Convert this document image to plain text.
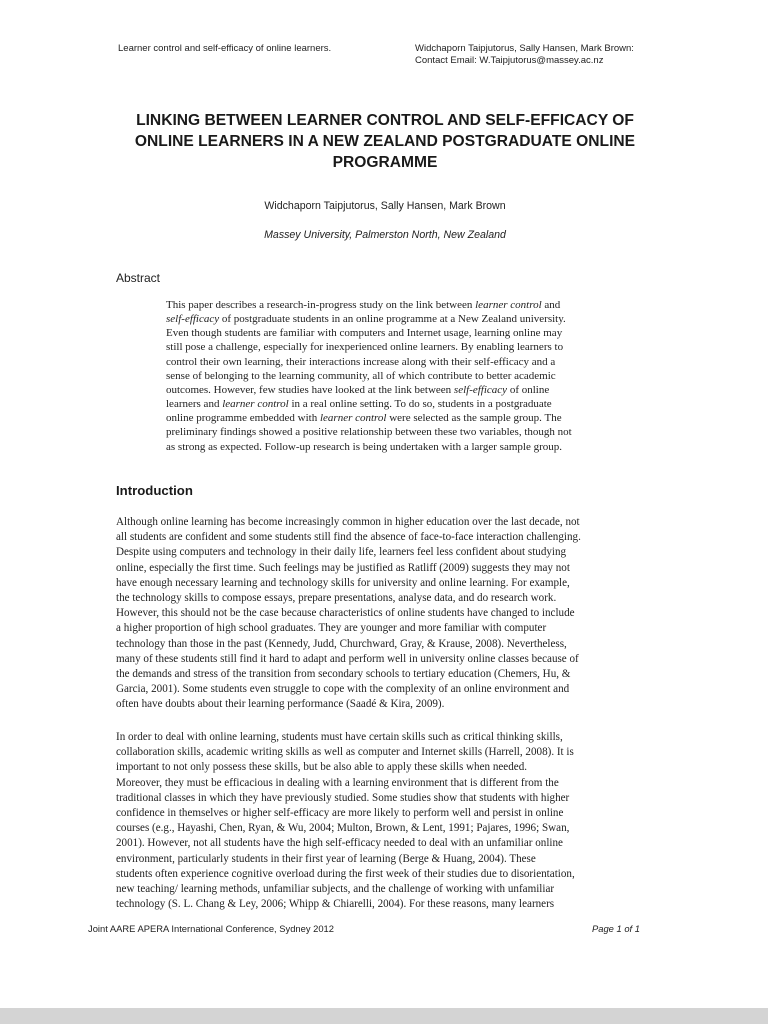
Learner control and self-efficacy of online learners.	Widchaporn Taipjutorus, Sally Hansen, Mark Brown:
Contact Email: W.Taipjutorus@massey.ac.nz
LINKING BETWEEN LEARNER CONTROL AND SELF-EFFICACY OF
ONLINE LEARNERS IN A NEW ZEALAND POSTGRADUATE ONLINE
PROGRAMME
Widchaporn Taipjutorus, Sally Hansen, Mark Brown
Massey University, Palmerston North, New Zealand
Abstract
This paper describes a research-in-progress study on the link between learner control and
self-efficacy of postgraduate students in an online programme at a New Zealand university.
Even though students are familiar with computers and Internet usage, learning online may
still pose a challenge, especially for inexperienced online learners. By enabling learners to
control their own learning, their interactions increase along with their self-efficacy and a
sense of belonging to the learning community, all of which contribute to better academic
outcomes. However, few studies have looked at the link between self-efficacy of online
learners and learner control in a real online setting. To do so, students in a postgraduate
online programme embedded with learner control were selected as the sample group. The
preliminary findings showed a positive relationship between these two variables, though not
as strong as expected. Follow-up research is being undertaken with a larger sample group.
Introduction
Although online learning has become increasingly common in higher education over the last decade, not
all students are confident and some students still find the absence of face-to-face interaction challenging.
Despite using computers and technology in their daily life, learners feel less confident about studying
online, especially the first time. Such feelings may be justified as Ratliff (2009) suggests they may not
have enough necessary learning and technology skills for university and online learning. For example,
the technology skills to compose essays, prepare presentations, analyse data, and do research work.
However, this should not be the case because characteristics of online students have changed to include
a higher proportion of high school graduates. They are younger and more familiar with computer
technology than those in the past (Kennedy, Judd, Churchward, Gray, & Krause, 2008). Nevertheless,
many of these students still find it hard to adapt and perform well in university online classes because of
the demands and stress of the transition from secondary schools to tertiary education (Chemers, Hu, &
Garcia, 2001). Some students even struggle to cope with the complexity of an online environment and
often have doubts about their learning performance (Saadé & Kira, 2009).
In order to deal with online learning, students must have certain skills such as critical thinking skills,
collaboration skills, academic writing skills as well as computer and Internet skills (Harrell, 2008). It is
important to not only possess these skills, but be also able to apply these skills when needed.
Moreover, they must be efficacious in dealing with a learning environment that is different from the
traditional classes in which they have previously studied. Some studies show that students with higher
confidence in themselves or higher self-efficacy are more likely to perform well and persist in online
courses (e.g., Hayashi, Chen, Ryan, & Wu, 2004; Multon, Brown, & Lent, 1991; Pajares, 1996; Swan,
2001). However, not all students have the high self-efficacy needed to deal with an unfamiliar online
environment, particularly students in their first year of learning (Berge & Huang, 2004). These
students often experience cognitive overload during the first week of their studies due to disorientation,
new teaching/ learning methods, unfamiliar subjects, and the challenge of working with unfamiliar
technology (S. L. Chang & Ley, 2006; Whipp & Chiarelli, 2004). For these reasons, many learners
Joint AARE APERA International Conference, Sydney 2012	Page 1 of 1
